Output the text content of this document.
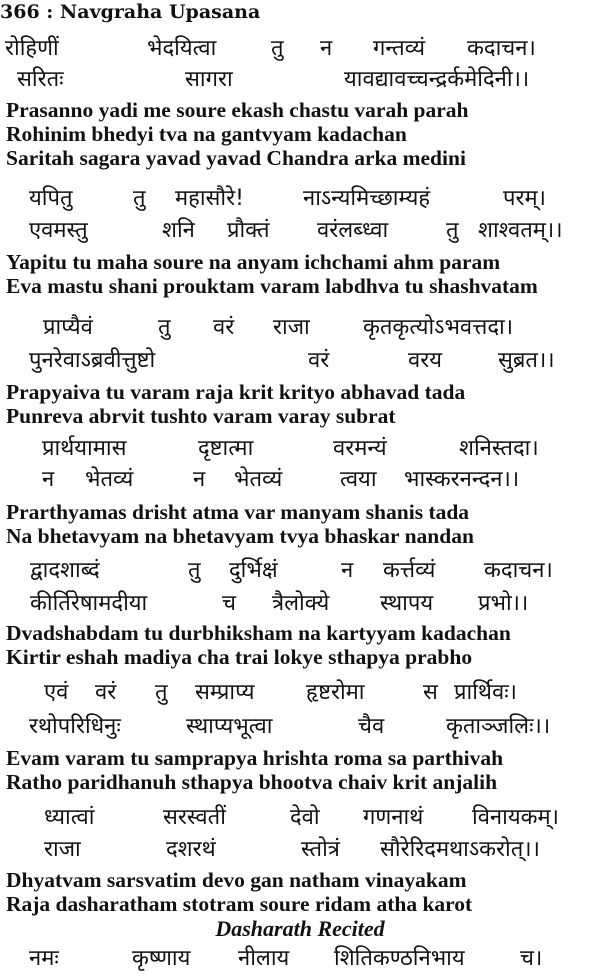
366 : Navgraha Upasana
रोहिणीं	भेदयित्वा तु न गन्तव्यं कदाचन।
सरितः	सागरा	यावद्यावच्चन्द्रर्कमेदिनी।।
Prasanno yadi me soure ekash chastu varah parah
Rohinim bhedyi tva na gantvyam kadachan
Saritah sagara yavad yavad Chandra arka medini
यपितु	तु महासौरे!	नाऽन्यमिच्छाम्यहं	परम्।
एवमस्तु	शनि प्रौक्तं वरंलब्ध्वा	तु शाश्वतम्।।
Yapitu tu maha soure na anyam ichchami ahm param
Eva mastu shani prouktam varam labdhva tu shashvatam
प्राप्यैवं	तु वरं राजा कृतकृत्योऽभवत्तदा।
पुनरेवाऽब्रवीत्तुष्टो	वरं	वरय	सुब्रत।।
Prapyaiva tu varam raja krit krityo abhavad tada
Punreva abrvit tushto varam varay subrat
प्रार्थयामास	दृष्टात्मा	वरमन्यं	शनिस्तदा।
न भेतव्यं	न भेतव्यं	त्वया भास्करनन्दन।।
Prarthyamas drisht atma var manyam shanis tada
Na bhetavyam na bhetavyam tvya bhaskar nandan
द्वादशाब्दं	तु दुर्भिक्षं	न कर्त्तव्यं कदाचन।
कीर्तिरेषामदीया	च त्रैलोक्ये स्थापय प्रभो।।
Dvadshabdam tu durbhiksham na kartyyam kadachan
Kirtir eshah madiya cha trai lokye sthapya prabho
एवं वरं तु सम्प्राप्य हृष्टरोमा	स प्रार्थिवः।
रथोपरिधिनुः	स्थाप्यभूत्वा	चैव	कृताञ्जलिः।।
Evam varam tu samprapya hrishta roma sa parthivah
Ratho paridhanuh sthapya bhootva chaiv krit anjalih
ध्यात्वां	सरस्वतीं	देवो गणनाथं विनायकम्।
राजा	दशरथं	स्तोत्रं सौरेरिदमथाऽकरोत्।।
Dhyatvam sarsvatim devo gan natham vinayakam
Raja dasharatham stotram soure ridam atha karot
Dasharath Recited
नमः	कृष्णाय नीलाय शितिकण्ठनिभाय	च।
